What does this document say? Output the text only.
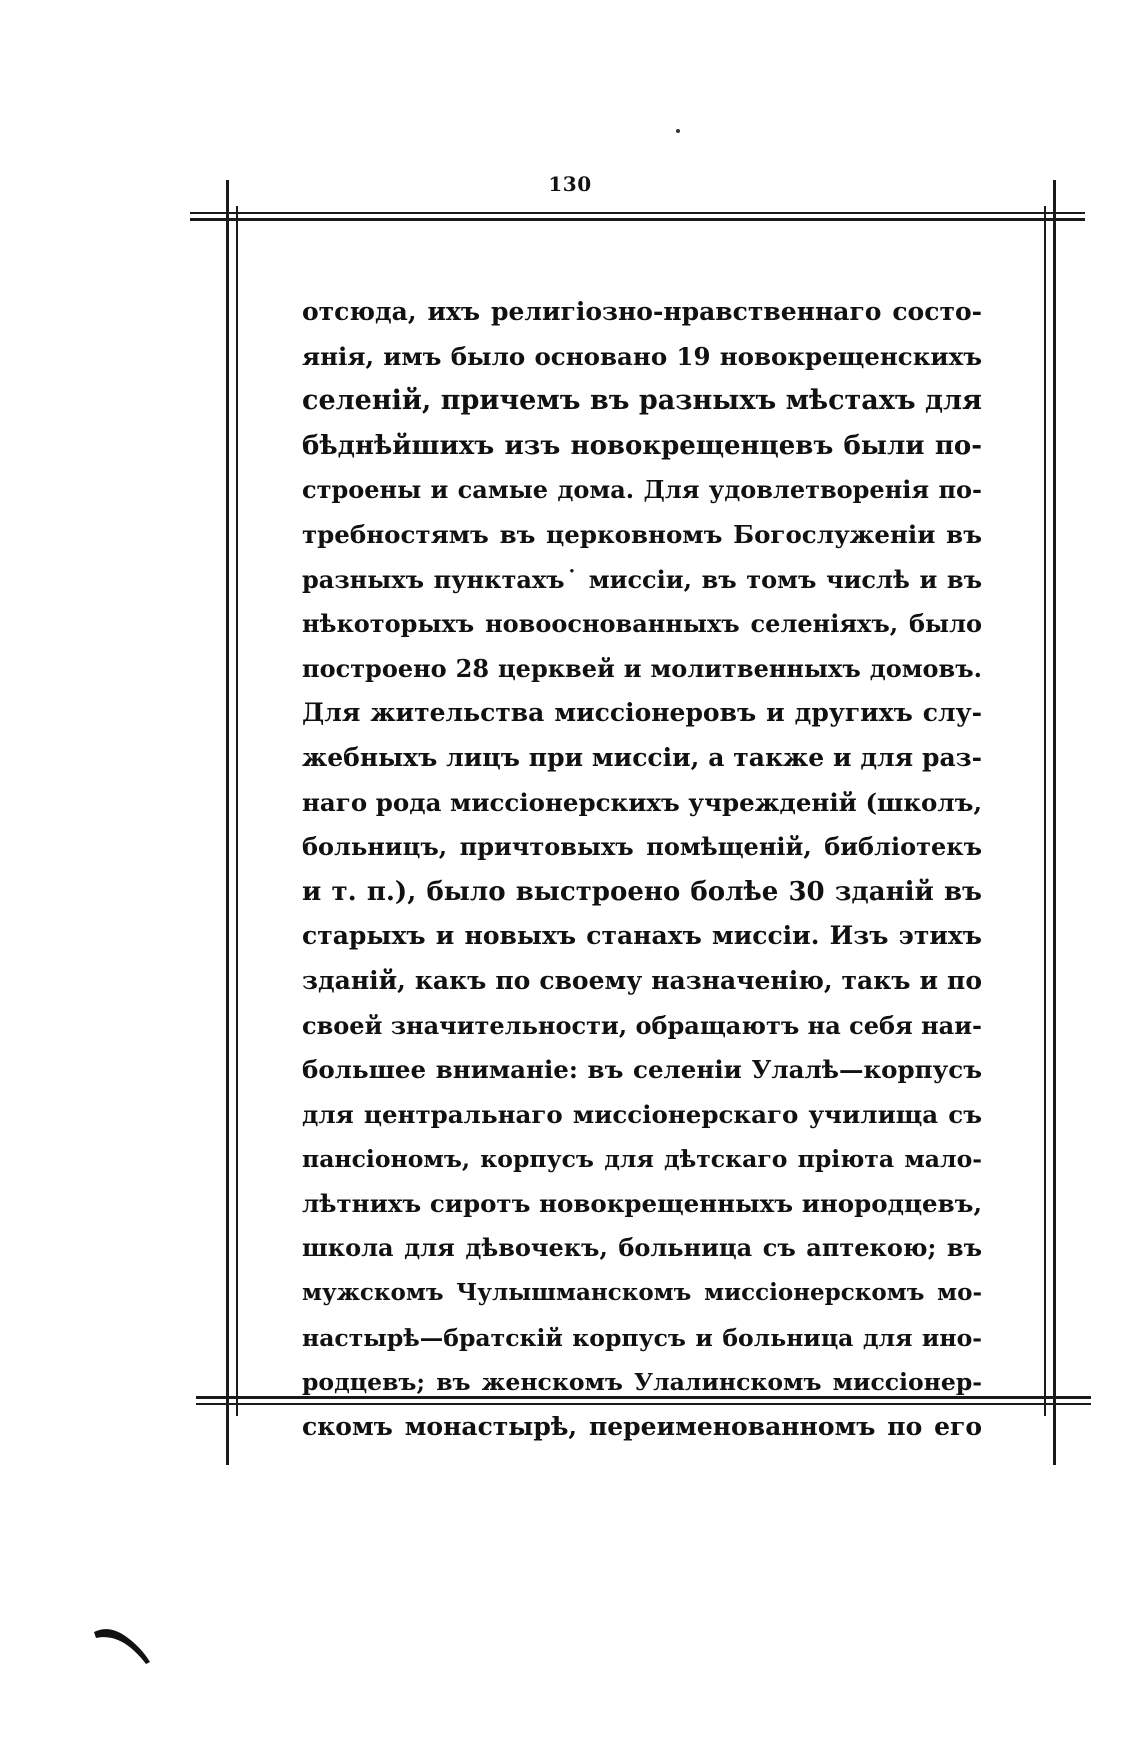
130
отсюда, ихъ религiозно-нравственнаго состо-
янiя, имъ было основано 19 новокрещенскихъ
селенiй, причемъ въ разныхъ мѣстахъ для
бѣднѣйшихъ изъ новокрещенцевъ были по-
строены и самые дома. Для удовлетворенiя по-
требностямъ въ церковномъ Богослуженiи въ
разныхъ пунктахъ˙ миссiи, въ томъ числѣ и въ
нѣкоторыхъ новооснованныхъ селенiяхъ, было
построено 28 церквей и молитвенныхъ домовъ.
Для жительства миссiонеровъ и другихъ слу-
жебныхъ лицъ при миссiи, а также и для раз-
наго рода миссiонерскихъ учрежденiй (школъ,
больницъ, причтовыхъ помѣщенiй, библiотекъ
и т. п.), было выстроено болѣе 30 зданiй въ
старыхъ и новыхъ станахъ миссiи. Изъ этихъ
зданiй, какъ по своему назначенiю, такъ и по
своей значительности, обращаютъ на себя наи-
большее вниманiе: въ селенiи Улалѣ—корпусъ
для центральнаго миссiонерскаго училища съ
пансiономъ, корпусъ для дѣтскаго прiюта мало-
лѣтнихъ сиротъ новокрещенныхъ инородцевъ,
школа для дѣвочекъ, больница съ аптекою; въ
мужскомъ Чулышманскомъ миссiонерскомъ мо-
настырѣ—братскiй корпусъ и больница для ино-
родцевъ; въ женскомъ Улалинскомъ миссiонер-
скомъ монастырѣ, переименованномъ по его
